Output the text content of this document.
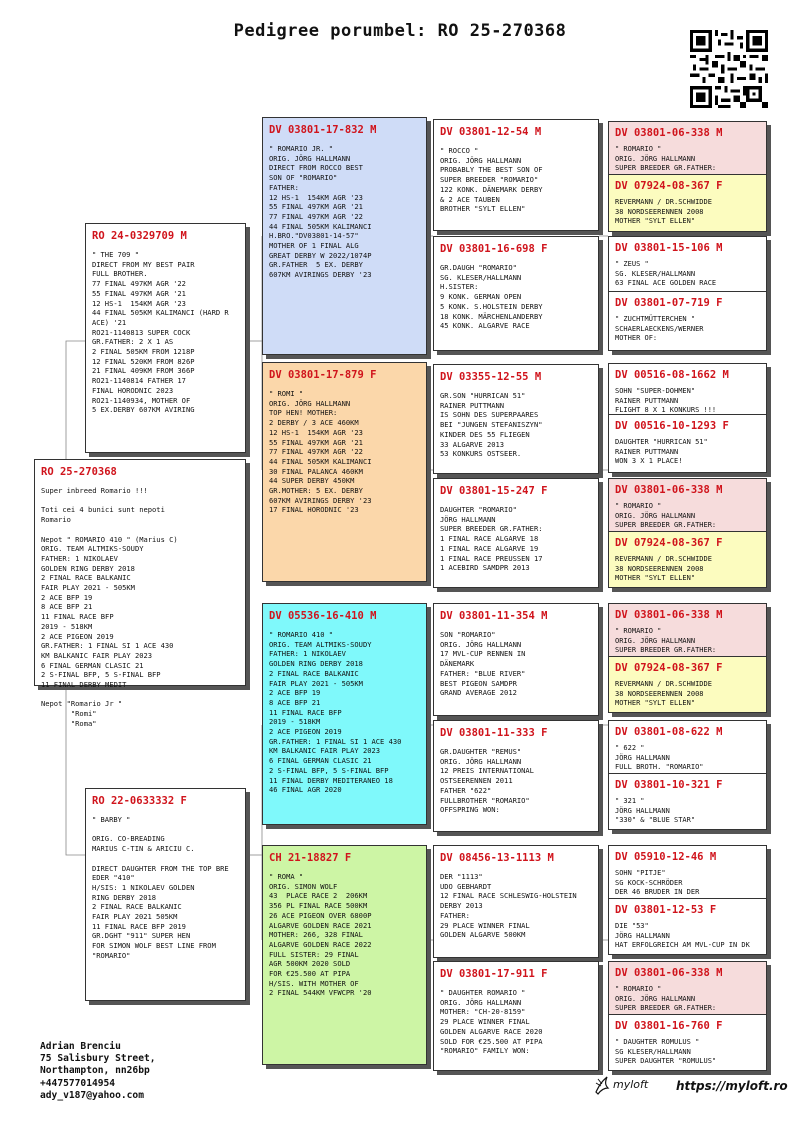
Pedigree porumbel: RO 25-270368
RO 25-270368
Super inbreed Romario !!!

Toti cei 4 bunici sunt nepoti
Romario

Nepot " ROMARIO 410 " (Marius C)
ORIG. TEAM ALTMIKS-SOUDY
FATHER: 1 NIKOLAEV
GOLDEN RING DERBY 2018
2 FINAL RACE BALKANIC
FAIR PLAY 2021 - 505KM
2 ACE BFP 19
8 ACE BFP 21
11 FINAL RACE BFP
2019 - 518KM
2 ACE PIGEON 2019
GR.FATHER: 1 FINAL SI 1 ACE 430
KM BALKANIC FAIR PLAY 2023
6 FINAL GERMAN CLASIC 21
2 S-FINAL BFP, 5 S-FINAL BFP
11 FINAL DERBY MEDIT

Nepot "Romario Jr "
"Romi"
"Roma"
RO 24-0329709 M
" THE 709 "
DIRECT FROM MY BEST PAIR
FULL BROTHER.
77 FINAL 497KM AGR '22
55 FINAL 497KM AGR '21
12 HS-1  154KM AGR '23
44 FINAL 505KM KALIMANCI (HARD R
ACE) '21
RO21-1140813 SUPER COCK
GR.FATHER: 2 X 1 AS
2 FINAL 505KM FROM 1218P
12 FINAL 520KM FROM 826P
21 FINAL 409KM FROM 366P
RO21-1140814 FATHER 17
FINAL HORODNIC 2023
RO21-1140934, MOTHER OF
5 EX.DERBY 607KM AVIRING
RO 22-0633332 F
" BARBY "

ORIG. CO-BREADING
MARIUS C-TIN & ARICIU C.

DIRECT DAUGHTER FROM THE TOP BRE
EDER "410"
H/SIS: 1 NIKOLAEV GOLDEN
RING DERBY 2018
2 FINAL RACE BALKANIC
FAIR PLAY 2021 505KM
11 FINAL RACE BFP 2019
GR.DGHT "911" SUPER HEN
FOR SIMON WOLF BEST LINE FROM
"ROMARIO"
DV 03801-17-832 M
" ROMARIO JR. "
ORIG. JÖRG HALLMANN
DIRECT FROM ROCCO BEST
SON OF "ROMARIO"
FATHER:
12 HS-1  154KM AGR '23
55 FINAL 497KM AGR '21
77 FINAL 497KM AGR '22
44 FINAL 505KM KALIMANCI
H.BRO."DV03801-14-57"
MOTHER OF 1 FINAL ALG
GREAT DERBY W 2022/1074P
GR.FATHER  5 EX. DERBY
607KM AVIRINGS DERBY '23
DV 03801-17-879 F
" ROMI "
ORIG. JÖRG HALLMANN
TOP HEN! MOTHER:
2 DERBY / 3 ACE 460KM
12 HS-1  154KM AGR '23
55 FINAL 497KM AGR '21
77 FINAL 497KM AGR '22
44 FINAL 505KM KALIMANCI
30 FINAL PALANCA 460KM
44 SUPER DERBY 450KM
GR.MOTHER: 5 EX. DERBY
607KM AVIRINGS DERBY '23
17 FINAL HORODNIC '23
DV 05536-16-410 M
" ROMARIO 410 "
ORIG. TEAM ALTMIKS-SOUDY
FATHER: 1 NIKOLAEV
GOLDEN RING DERBY 2018
2 FINAL RACE BALKANIC
FAIR PLAY 2021 - 505KM
2 ACE BFP 19
8 ACE BFP 21
11 FINAL RACE BFP
2019 - 518KM
2 ACE PIGEON 2019
GR.FATHER: 1 FINAL SI 1 ACE 430
KM BALKANIC FAIR PLAY 2023
6 FINAL GERMAN CLASIC 21
2 S-FINAL BFP, 5 S-FINAL BFP
11 FINAL DERBY MEDITERANEO 18
46 FINAL AGR 2020
CH 21-18827 F
" ROMA "
ORIG. SIMON WOLF
43  PLACE RACE 2  206KM
356 PL FINAL RACE 500KM
26 ACE PIGEON OVER 6800P
ALGARVE GOLDEN RACE 2021
MOTHER: 266, 328 FINAL
ALGARVE GOLDEN RACE 2022
FULL SISTER: 29 FINAL
AGR 500KM 2020 SOLD
FOR €25.500 AT PIPA
H/SIS. WITH MOTHER OF
2 FINAL 544KM VFWCPR '20
DV 03801-12-54 M
" ROCCO "
ORIG. JÖRG HALLMANN
PROBABLY THE BEST SON OF
SUPER BREEDER "ROMARIO"
122 KONK. DÄNEMARK DERBY
& 2 ACE TAUBEN
BROTHER "SYLT ELLEN"
DV 03801-16-698 F
GR.DAUGH "ROMARIO"
SG. KLESER/HALLMANN
H.SISTER:
9 KONK. GERMAN OPEN
5 KONK. S.HOLSTEIN DERBY
18 KONK. MÄRCHENLANDERBY
45 KONK. ALGARVE RACE
DV 03355-12-55 M
GR.SON "HURRICAN 51"
RAINER PUTTMANN
IS SOHN DES SUPERPAARES
BEI "JUNGEN STEFANISZYN"
KINDER DES 55 FLIEGEN
33 ALGARVE 2013
53 KONKURS OSTSEER.
DV 03801-15-247 F
DAUGHTER "ROMARIO"
JÖRG HALLMANN
SUPER BREEDER GR.FATHER:
1 FINAL RACE ALGARVE 18
1 FINAL RACE ALGARVE 19
1 FINAL RACE PREUSSEN 17
1 ACEBIRD SAMDPR 2013
DV 03801-11-354 M
SON "ROMARIO"
ORIG. JÖRG HALLMANN
17 MVL-CUP RENNEN IN
DÄNEMARK
FATHER: "BLUE RIVER"
BEST PIGEON SAMDPR
GRAND AVERAGE 2012
DV 03801-11-333 F
GR.DAUGHTER "REMUS"
ORIG. JÖRG HALLMANN
12 PREIS INTERNATIONAL
OSTSEERENNEN 2011
FATHER "622"
FULLBROTHER "ROMARIO"
OFFSPRING WON:
DV 08456-13-1113 M
DER "1113"
UDO GEBHARDT
12 FINAL RACE SCHLESWIG-HOLSTEIN
DERBY 2013
FATHER:
29 PLACE WINNER FINAL
GOLDEN ALGARVE 500KM
DV 03801-17-911 F
" DAUGHTER ROMARIO "
ORIG. JÖRG HALLMANN
MOTHER: "CH-20-8159"
29 PLACE WINNER FINAL
GOLDEN ALGARVE RACE 2020
SOLD FOR €25.500 AT PIPA
"ROMARIO" FAMILY WON:
DV 03801-06-338 M
" ROMARIO "
ORIG. JÖRG HALLMANN
SUPER BREEDER GR.FATHER:
DV 07924-08-367 F
REVERMANN / DR.SCHWIDDE
38 NORDSEERENNEN 2008
MOTHER "SYLT ELLEN"
DV 03801-15-106 M
" ZEUS "
SG. KLESER/HALLMANN
63 FINAL ACE GOLDEN RACE
DV 03801-07-719 F
" ZUCHTMÜTTERCHEN "
SCHAERLAECKENS/WERNER
MOTHER OF:
DV 00516-08-1662 M
SOHN "SUPER-DOHMEN"
RAINER PUTTMANN
FLIGHT 8 X 1 KONKURS !!!
DV 00516-10-1293 F
DAUGHTER "HURRICAN 51"
RAINER PUTTMANN
WON 3 X 1 PLACE!
DV 03801-06-338 M
" ROMARIO "
ORIG. JÖRG HALLMANN
SUPER BREEDER GR.FATHER:
DV 07924-08-367 F
REVERMANN / DR.SCHWIDDE
38 NORDSEERENNEN 2008
MOTHER "SYLT ELLEN"
DV 03801-06-338 M
" ROMARIO "
ORIG. JÖRG HALLMANN
SUPER BREEDER GR.FATHER:
DV 07924-08-367 F
REVERMANN / DR.SCHWIDDE
38 NORDSEERENNEN 2008
MOTHER "SYLT ELLEN"
DV 03801-08-622 M
" 622 "
JÖRG HALLMANN
FULL BROTH. "ROMARIO"
DV 03801-10-321 F
" 321 "
JÖRG HALLMANN
"330" & "BLUE STAR"
DV 05910-12-46 M
SOHN "PITJE"
SG KOCK-SCHRÖDER
DER 46 BRUDER IN DER
DV 03801-12-53 F
DIE "53"
JÖRG HALLMANN
HAT ERFOLGREICH AM MVL-CUP IN DK
DV 03801-06-338 M
" ROMARIO "
ORIG. JÖRG HALLMANN
SUPER BREEDER GR.FATHER:
DV 03801-16-760 F
" DAUGHTER ROMULUS "
SG KLESER/HALLMANN
SUPER DAUGHTER "ROMULUS"
Adrian Brenciu
75 Salisbury Street,
Northampton, nn26bp
+447577014954
ady_v187@yahoo.com
myloft https://myloft.ro
